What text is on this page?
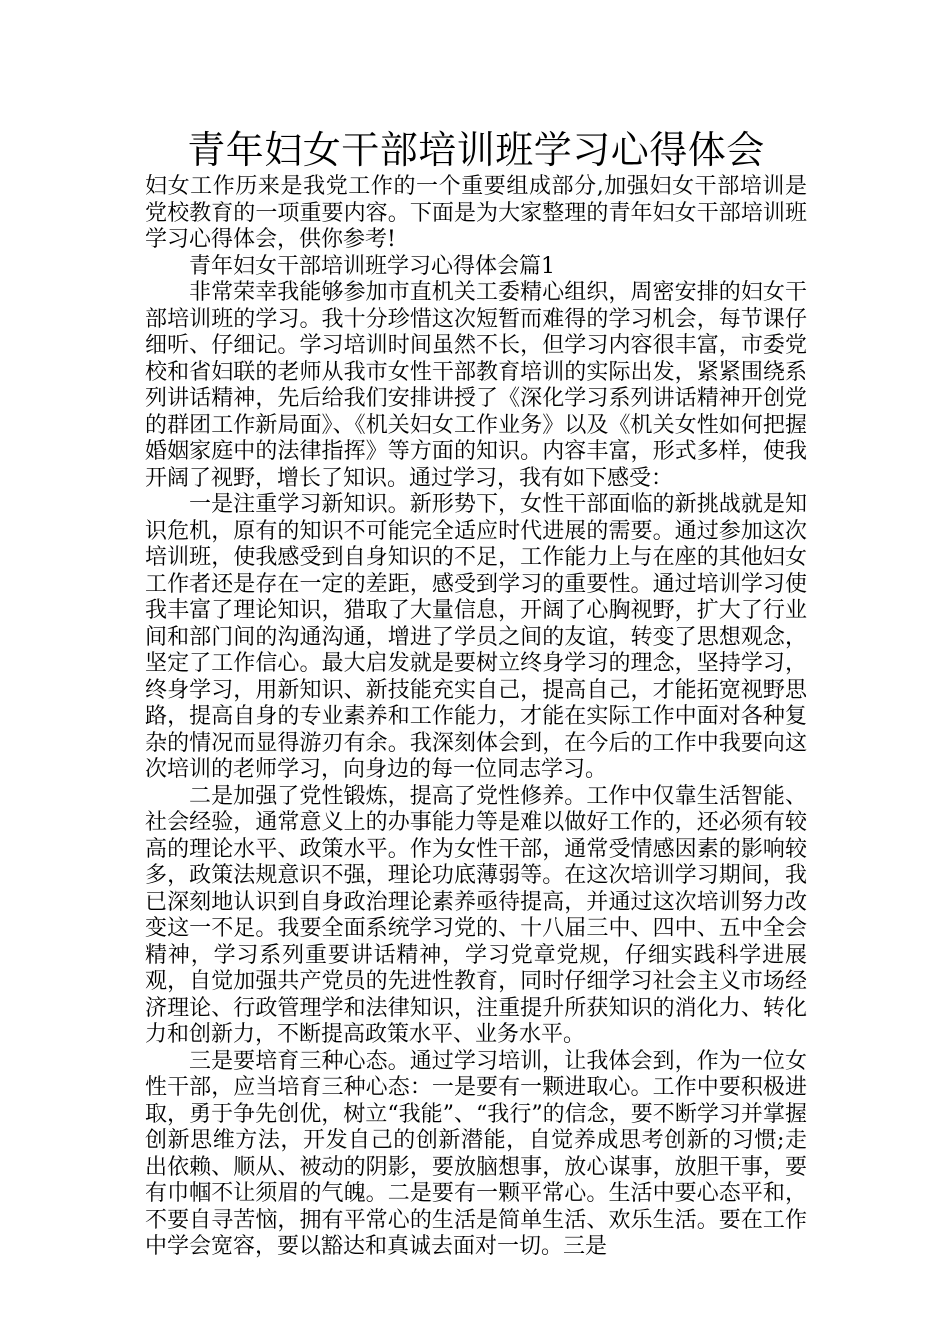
青年妇女干部培训班学习心得体会

妇女工作历来是我党工作的一个重要组成部分,加强妇女干部培训是党校教育的一项重要内容。下面是为大家整理的青年妇女干部培训班学习心得体会，供你参考!

青年妇女干部培训班学习心得体会篇1

非常荣幸我能够参加市直机关工委精心组织，周密安排的妇女干部培训班的学习。我十分珍惜这次短暂而难得的学习机会，每节课仔细听、仔细记。学习培训时间虽然不长，但学习内容很丰富，市委党校和省妇联的老师从我市女性干部教育培训的实际出发，紧紧围绕系列讲话精神，先后给我们安排讲授了《深化学习系列讲话精神开创党的群团工作新局面》、《机关妇女工作业务》以及《机关女性如何把握婚姻家庭中的法律指挥》等方面的知识。内容丰富，形式多样，使我开阔了视野，增长了知识。通过学习，我有如下感受：

一是注重学习新知识。新形势下，女性干部面临的新挑战就是知识危机，原有的知识不可能完全适应时代进展的需要。通过参加这次培训班，使我感受到自身知识的不足，工作能力上与在座的其他妇女工作者还是存在一定的差距，感受到学习的重要性。通过培训学习使我丰富了理论知识，猎取了大量信息，开阔了心胸视野，扩大了行业间和部门间的沟通沟通，增进了学员之间的友谊，转变了思想观念，坚定了工作信心。最大启发就是要树立终身学习的理念，坚持学习，终身学习，用新知识、新技能充实自己，提高自己，才能拓宽视野思路，提高自身的专业素养和工作能力，才能在实际工作中面对各种复杂的情况而显得游刃有余。我深刻体会到，在今后的工作中我要向这次培训的老师学习，向身边的每一位同志学习。

二是加强了党性锻炼，提高了党性修养。工作中仅靠生活智能、社会经验，通常意义上的办事能力等是难以做好工作的，还必须有较高的理论水平、政策水平。作为女性干部，通常受情感因素的影响较多，政策法规意识不强，理论功底薄弱等。在这次培训学习期间，我已深刻地认识到自身政治理论素养亟待提高，并通过这次培训努力改变这一不足。我要全面系统学习党的、十八届三中、四中、五中全会精神，学习系列重要讲话精神，学习党章党规，仔细实践科学进展观，自觉加强共产党员的先进性教育，同时仔细学习社会主义市场经济理论、行政管理学和法律知识，注重提升所获知识的消化力、转化力和创新力，不断提高政策水平、业务水平。

三是要培育三种心态。通过学习培训，让我体会到，作为一位女性干部，应当培育三种心态：一是要有一颗进取心。工作中要积极进取，勇于争先创优，树立“我能”、“我行”的信念，要不断学习并掌握创新思维方法，开发自己的创新潜能，自觉养成思考创新的习惯;走出依赖、顺从、被动的阴影，要放脑想事，放心谋事，放胆干事，要有巾帼不让须眉的气魄。二是要有一颗平常心。生活中要心态平和，不要自寻苦恼，拥有平常心的生活是简单生活、欢乐生活。要在工作中学会宽容，要以豁达和真诚去面对一切。三是
